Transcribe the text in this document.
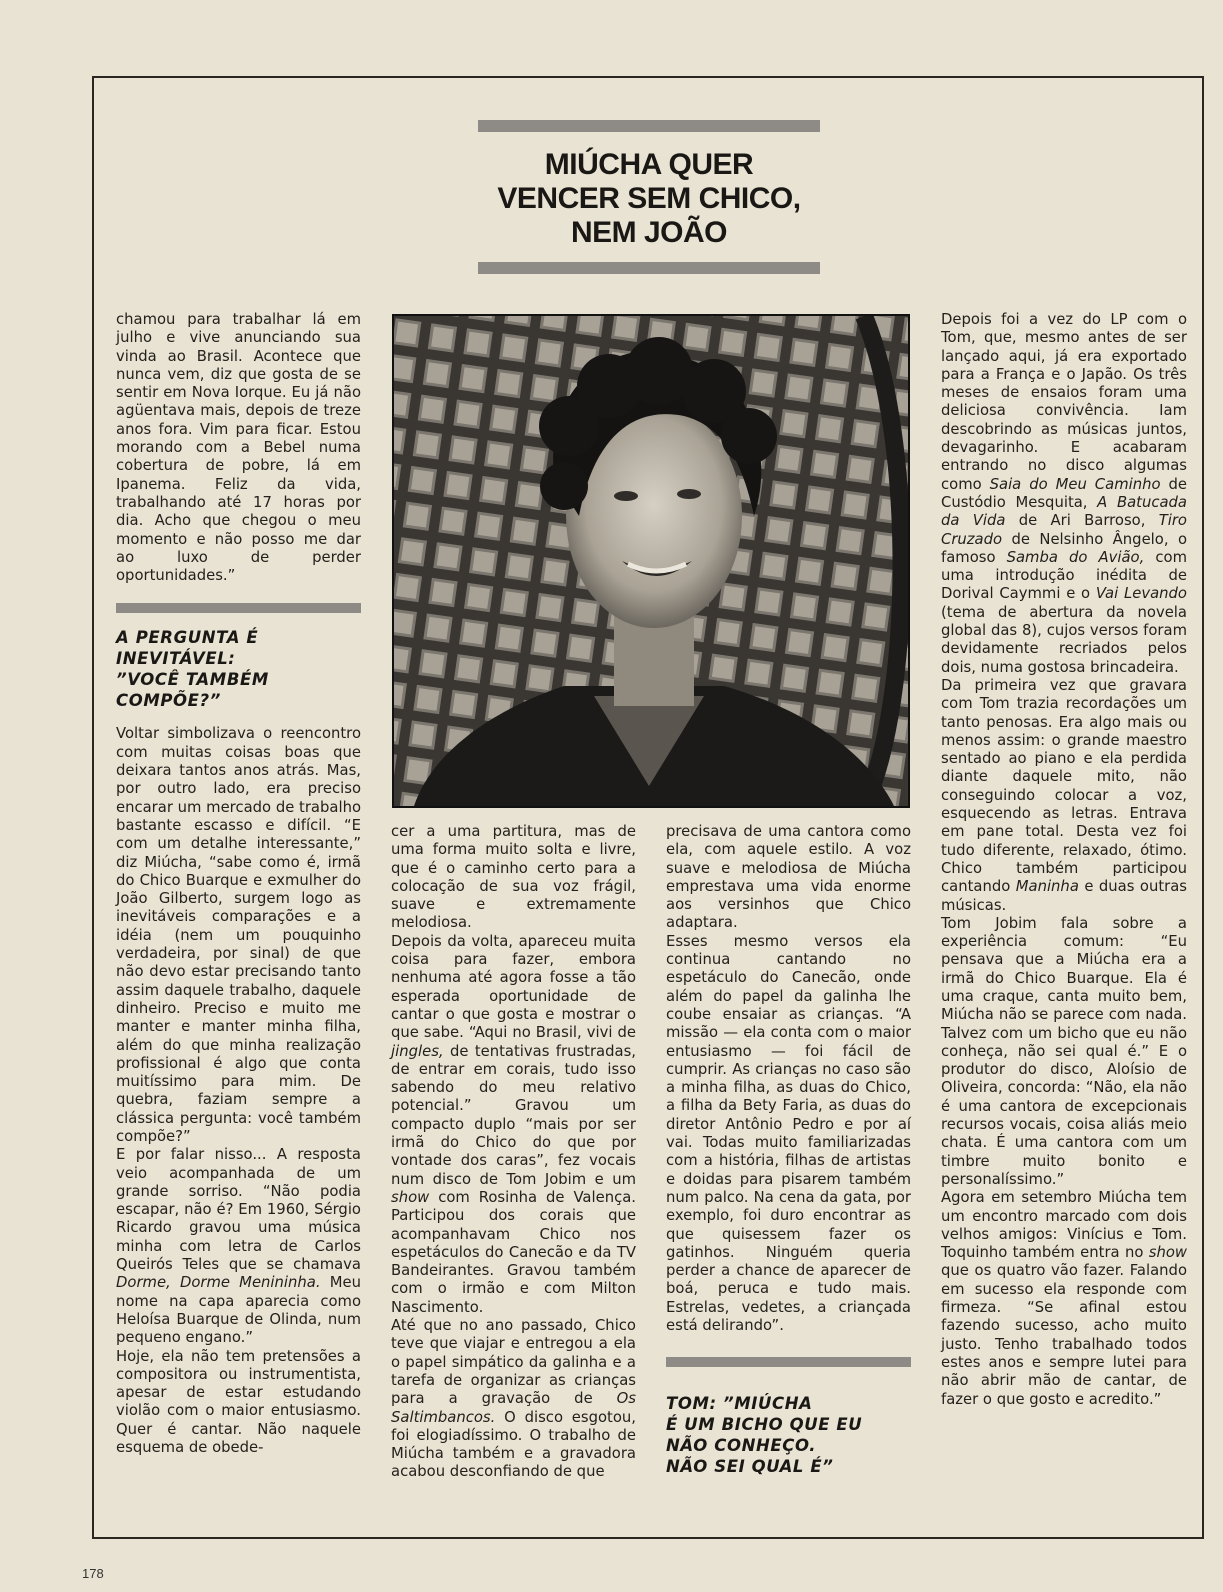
MIÚCHA QUER
VENCER SEM CHICO,
NEM JOÃO

chamou para trabalhar lá em julho e vive anunciando sua vinda ao Brasil. Acontece que nunca vem, diz que gosta de se sentir em Nova Iorque. Eu já não agüentava mais, depois de treze anos fora. Vim para ficar. Estou morando com a Bebel numa cobertura de pobre, lá em Ipanema. Feliz da vida, trabalhando até 17 horas por dia. Acho que chegou o meu momento e não posso me dar ao luxo de perder oportunidades.”

A PERGUNTA É
INEVITÁVEL:
”VOCÊ TAMBÉM
COMPÕE?”

Voltar simbolizava o reencontro com muitas coisas boas que deixara tantos anos atrás. Mas, por outro lado, era preciso encarar um mercado de trabalho bastante escasso e difícil. “E com um detalhe interessante,” diz Miúcha, “sabe como é, irmã do Chico Buarque e exmulher do João Gilberto, surgem logo as inevitáveis comparações e a idéia (nem um pouquinho verdadeira, por sinal) de que não devo estar precisando tanto assim daquele trabalho, daquele dinheiro. Preciso e muito me manter e manter minha filha, além do que minha realização profissional é algo que conta muitíssimo para mim. De quebra, faziam sempre a clássica pergunta: você também compõe?”

E por falar nisso... A resposta veio acompanhada de um grande sorriso. “Não podia escapar, não é? Em 1960, Sérgio Ricardo gravou uma música minha com letra de Carlos Queirós Teles que se chamava Dorme, Dorme Menininha. Meu nome na capa aparecia como Heloísa Buarque de Olinda, num pequeno engano.”

Hoje, ela não tem pretensões a compositora ou instrumentista, apesar de estar estudando violão com o maior entusiasmo. Quer é cantar. Não naquele esquema de obede-

cer a uma partitura, mas de uma forma muito solta e livre, que é o caminho certo para a colocação de sua voz frágil, suave e extremamente melodiosa.

Depois da volta, apareceu muita coisa para fazer, embora nenhuma até agora fosse a tão esperada oportunidade de cantar o que gosta e mostrar o que sabe. “Aqui no Brasil, vivi de jingles, de tentativas frustradas, de entrar em corais, tudo isso sabendo do meu relativo potencial.” Gravou um compacto duplo “mais por ser irmã do Chico do que por vontade dos caras”, fez vocais num disco de Tom Jobim e um show com Rosinha de Valença. Participou dos corais que acompanhavam Chico nos espetáculos do Canecão e da TV Bandeirantes. Gravou também com o irmão e com Milton Nascimento.

Até que no ano passado, Chico teve que viajar e entregou a ela o papel simpático da galinha e a tarefa de organizar as crianças para a gravação de Os Saltimbancos. O disco esgotou, foi elogiadíssimo. O trabalho de Miúcha também e a gravadora acabou desconfiando de que

precisava de uma cantora como ela, com aquele estilo. A voz suave e melodiosa de Miúcha emprestava uma vida enorme aos versinhos que Chico adaptara.

Esses mesmo versos ela continua cantando no espetáculo do Canecão, onde além do papel da galinha lhe coube ensaiar as crianças. “A missão — ela conta com o maior entusiasmo — foi fácil de cumprir. As crianças no caso são a minha filha, as duas do Chico, a filha da Bety Faria, as duas do diretor Antônio Pedro e por aí vai. Todas muito familiarizadas com a história, filhas de artistas e doidas para pisarem também num palco. Na cena da gata, por exemplo, foi duro encontrar as que quisessem fazer os gatinhos. Ninguém queria perder a chance de aparecer de boá, peruca e tudo mais. Estrelas, vedetes, a criançada está delirando”.

TOM: ”MIÚCHA
É UM BICHO QUE EU
NÃO CONHEÇO.
NÃO SEI QUAL É”

Depois foi a vez do LP com o Tom, que, mesmo antes de ser lançado aqui, já era exportado para a França e o Japão. Os três meses de ensaios foram uma deliciosa convivência. Iam descobrindo as músicas juntos, devagarinho. E acabaram entrando no disco algumas como Saia do Meu Caminho de Custódio Mesquita, A Batucada da Vida de Ari Barroso, Tiro Cruzado de Nelsinho Ângelo, o famoso Samba do Avião, com uma introdução inédita de Dorival Caymmi e o Vai Levando (tema de abertura da novela global das 8), cujos versos foram devidamente recriados pelos dois, numa gostosa brincadeira.

Da primeira vez que gravara com Tom trazia recordações um tanto penosas. Era algo mais ou menos assim: o grande maestro sentado ao piano e ela perdida diante daquele mito, não conseguindo colocar a voz, esquecendo as letras. Entrava em pane total. Desta vez foi tudo diferente, relaxado, ótimo. Chico também participou cantando Maninha e duas outras músicas.

Tom Jobim fala sobre a experiência comum: “Eu pensava que a Miúcha era a irmã do Chico Buarque. Ela é uma craque, canta muito bem, Miúcha não se parece com nada. Talvez com um bicho que eu não conheça, não sei qual é.” E o produtor do disco, Aloísio de Oliveira, concorda: “Não, ela não é uma cantora de excepcionais recursos vocais, coisa aliás meio chata. É uma cantora com um timbre muito bonito e personalíssimo.”

Agora em setembro Miúcha tem um encontro marcado com dois velhos amigos: Vinícius e Tom. Toquinho também entra no show que os quatro vão fazer. Falando em sucesso ela responde com firmeza. “Se afinal estou fazendo sucesso, acho muito justo. Tenho trabalhado todos estes anos e sempre lutei para não abrir mão de cantar, de fazer o que gosto e acredito.”

178
